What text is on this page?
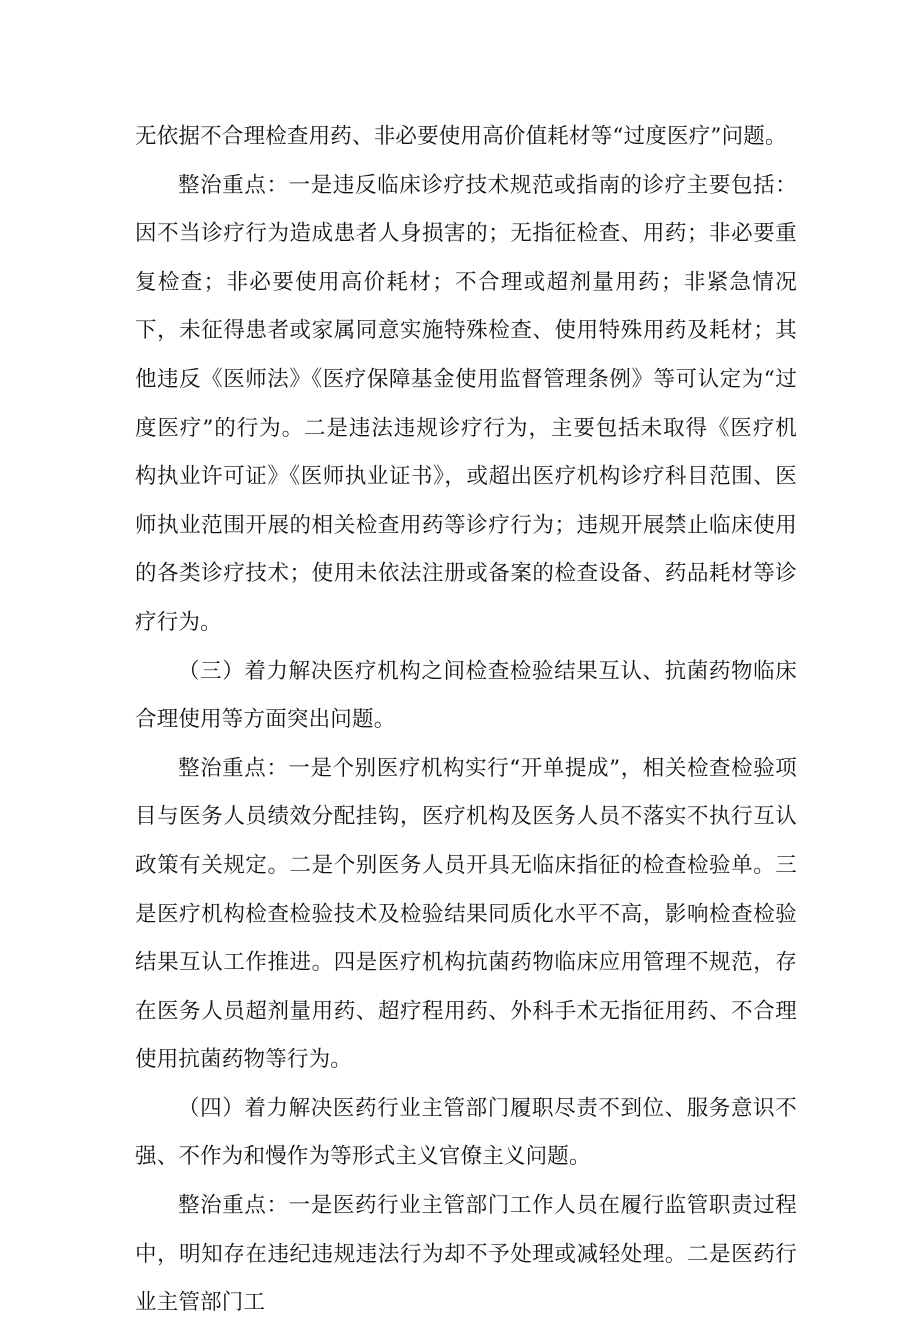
无依据不合理检查用药、非必要使用高价值耗材等“过度医疗”问题。

整治重点：一是违反临床诊疗技术规范或指南的诊疗主要包括：因不当诊疗行为造成患者人身损害的；无指征检查、用药；非必要重复检查；非必要使用高价耗材；不合理或超剂量用药；非紧急情况下，未征得患者或家属同意实施特殊检查、使用特殊用药及耗材；其他违反《医师法》《医疗保障基金使用监督管理条例》等可认定为“过度医疗”的行为。二是违法违规诊疗行为，主要包括未取得《医疗机构执业许可证》《医师执业证书》，或超出医疗机构诊疗科目范围、医师执业范围开展的相关检查用药等诊疗行为；违规开展禁止临床使用的各类诊疗技术；使用未依法注册或备案的检查设备、药品耗材等诊疗行为。

（三）着力解决医疗机构之间检查检验结果互认、抗菌药物临床合理使用等方面突出问题。

整治重点：一是个别医疗机构实行“开单提成”，相关检查检验项目与医务人员绩效分配挂钩，医疗机构及医务人员不落实不执行互认政策有关规定。二是个别医务人员开具无临床指征的检查检验单。三是医疗机构检查检验技术及检验结果同质化水平不高，影响检查检验结果互认工作推进。四是医疗机构抗菌药物临床应用管理不规范，存在医务人员超剂量用药、超疗程用药、外科手术无指征用药、不合理使用抗菌药物等行为。

（四）着力解决医药行业主管部门履职尽责不到位、服务意识不强、不作为和慢作为等形式主义官僚主义问题。

整治重点：一是医药行业主管部门工作人员在履行监管职责过程中，明知存在违纪违规违法行为却不予处理或减轻处理。二是医药行业主管部门工
